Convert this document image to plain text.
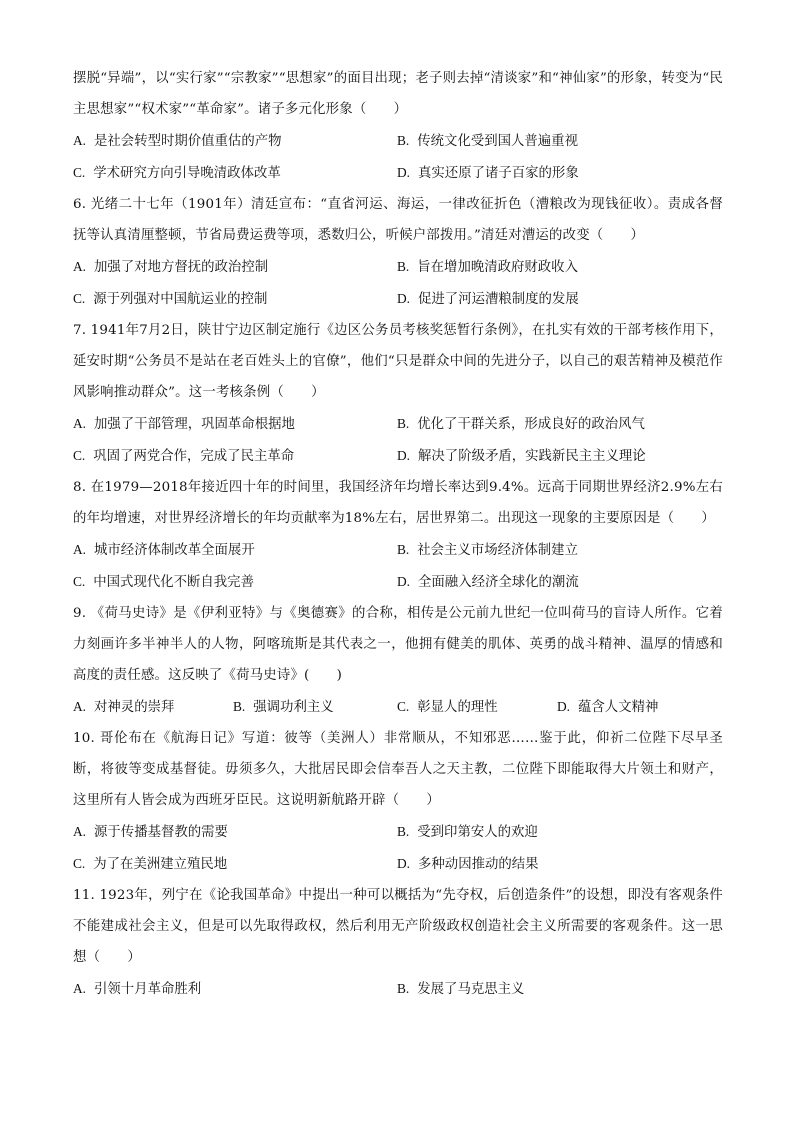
摆脱“异端”，以“实行家”“宗教家”“思想家”的面目出现；老子则去掉“清谈家”和“神仙家”的形象，转变为“民主思想家”“权术家”“革命家”。诸子多元化形象（　　）

A. 是社会转型时期价值重估的产物	B. 传统文化受到国人普遍重视
C. 学术研究方向引导晚清政体改革	D. 真实还原了诸子百家的形象

6. 光绪二十七年（1901年）清廷宣布：“直省河运、海运，一律改征折色（漕粮改为现钱征收）。责成各督抚等认真清厘整顿，节省局费运费等项，悉数归公，听候户部拨用。”清廷对漕运的改变（　　）

A. 加强了对地方督抚的政治控制	B. 旨在增加晚清政府财政收入
C. 源于列强对中国航运业的控制	D. 促进了河运漕粮制度的发展

7. 1941年7月2日，陕甘宁边区制定施行《边区公务员考核奖惩暂行条例》，在扎实有效的干部考核作用下，延安时期“公务员不是站在老百姓头上的官僚”，他们“只是群众中间的先进分子，以自己的艰苦精神及模范作风影响推动群众”。这一考核条例（　　）

A. 加强了干部管理，巩固革命根据地	B. 优化了干群关系，形成良好的政治风气
C. 巩固了两党合作，完成了民主革命	D. 解决了阶级矛盾，实践新民主主义理论

8. 在1979—2018年接近四十年的时间里，我国经济年均增长率达到9.4%。远高于同期世界经济2.9%左右的年均增速，对世界经济增长的年均贡献率为18%左右，居世界第二。出现这一现象的主要原因是（　　）

A. 城市经济体制改革全面展开	B. 社会主义市场经济体制建立
C. 中国式现代化不断自我完善	D. 全面融入经济全球化的潮流

9. 《荷马史诗》是《伊利亚特》与《奥德赛》的合称，相传是公元前九世纪一位叫荷马的盲诗人所作。它着力刻画许多半神半人的人物，阿喀琉斯是其代表之一，他拥有健美的肌体、英勇的战斗精神、温厚的情感和高度的责任感。这反映了《荷马史诗》(　　)

A. 对神灵的崇拜	B. 强调功利主义	C. 彰显人的理性	D. 蕴含人文精神

10. 哥伦布在《航海日记》写道：彼等（美洲人）非常顺从，不知邪恶……鉴于此，仰祈二位陛下尽早圣断，将彼等变成基督徒。毋须多久，大批居民即会信奉吾人之天主教，二位陛下即能取得大片领土和财产，这里所有人皆会成为西班牙臣民。这说明新航路开辟（　　）

A. 源于传播基督教的需要	B. 受到印第安人的欢迎
C. 为了在美洲建立殖民地	D. 多种动因推动的结果

11. 1923年，列宁在《论我国革命》中提出一种可以概括为“先夺权，后创造条件”的设想，即没有客观条件不能建成社会主义，但是可以先取得政权，然后利用无产阶级政权创造社会主义所需要的客观条件。这一思想（　　）

A. 引领十月革命胜利	B. 发展了马克思主义
